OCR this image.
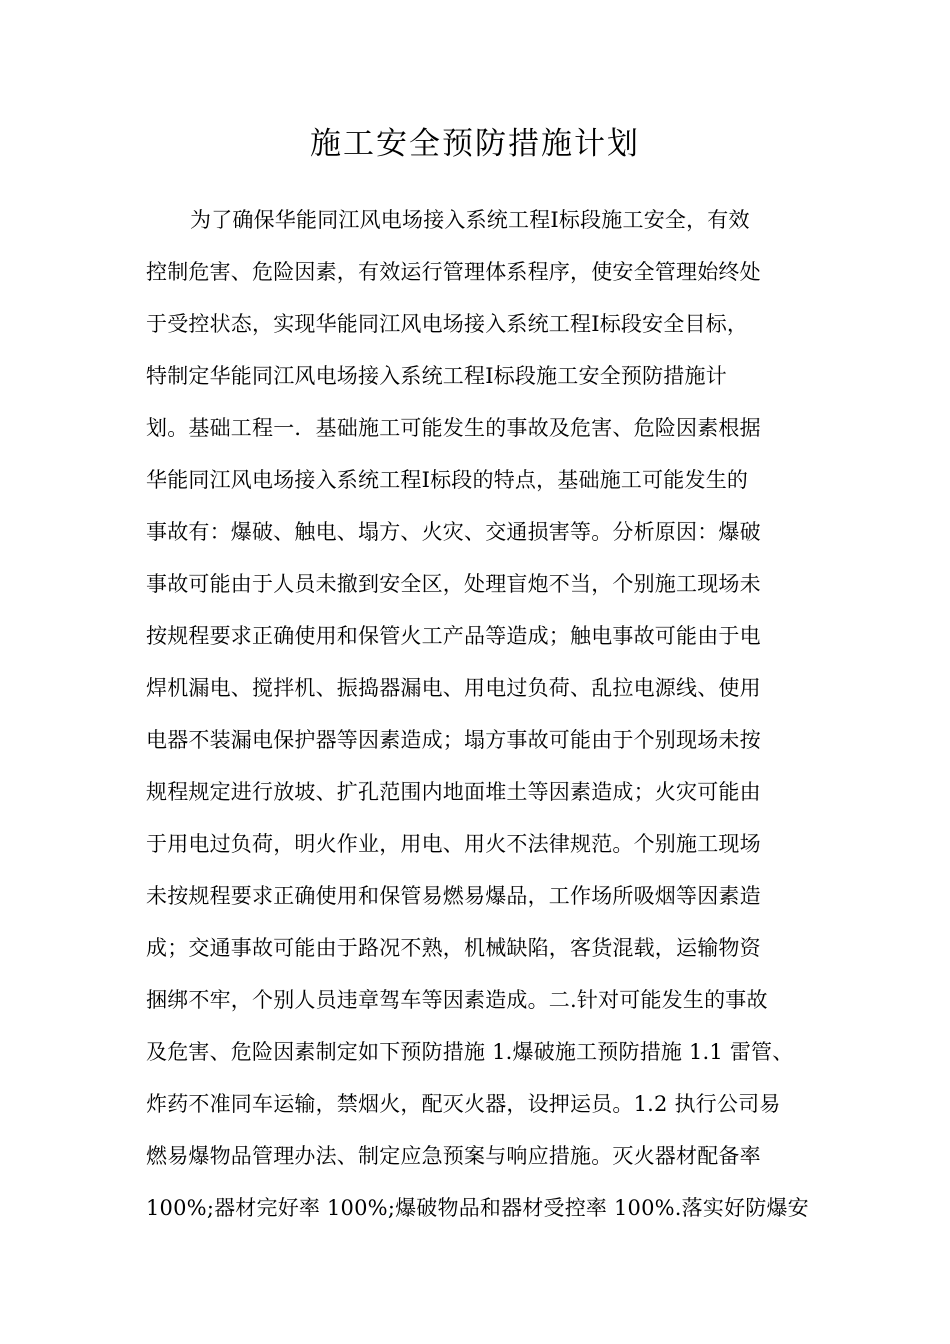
施工安全预防措施计划
为了确保华能同江风电场接入系统工程Ⅰ标段施工安全，有效
控制危害、危险因素，有效运行管理体系程序，使安全管理始终处
于受控状态，实现华能同江风电场接入系统工程Ⅰ标段安全目标，
特制定华能同江风电场接入系统工程Ⅰ标段施工安全预防措施计
划。基础工程一．基础施工可能发生的事故及危害、危险因素根据
华能同江风电场接入系统工程Ⅰ标段的特点，基础施工可能发生的
事故有：爆破、触电、塌方、火灾、交通损害等。分析原因：爆破
事故可能由于人员未撤到安全区，处理盲炮不当，个别施工现场未
按规程要求正确使用和保管火工产品等造成；触电事故可能由于电
焊机漏电、搅拌机、振捣器漏电、用电过负荷、乱拉电源线、使用
电器不装漏电保护器等因素造成；塌方事故可能由于个别现场未按
规程规定进行放坡、扩孔范围内地面堆土等因素造成；火灾可能由
于用电过负荷，明火作业，用电、用火不法律规范。个别施工现场
未按规程要求正确使用和保管易燃易爆品，工作场所吸烟等因素造
成；交通事故可能由于路况不熟，机械缺陷，客货混载，运输物资
捆绑不牢，个别人员违章驾车等因素造成。二.针对可能发生的事故
及危害、危险因素制定如下预防措施 1.爆破施工预防措施 1.1 雷管、
炸药不准同车运输，禁烟火，配灭火器，设押运员。1.2 执行公司易
燃易爆物品管理办法、制定应急预案与响应措施。灭火器材配备率
100%;器材完好率 100%;爆破物品和器材受控率 100%.落实好防爆安
